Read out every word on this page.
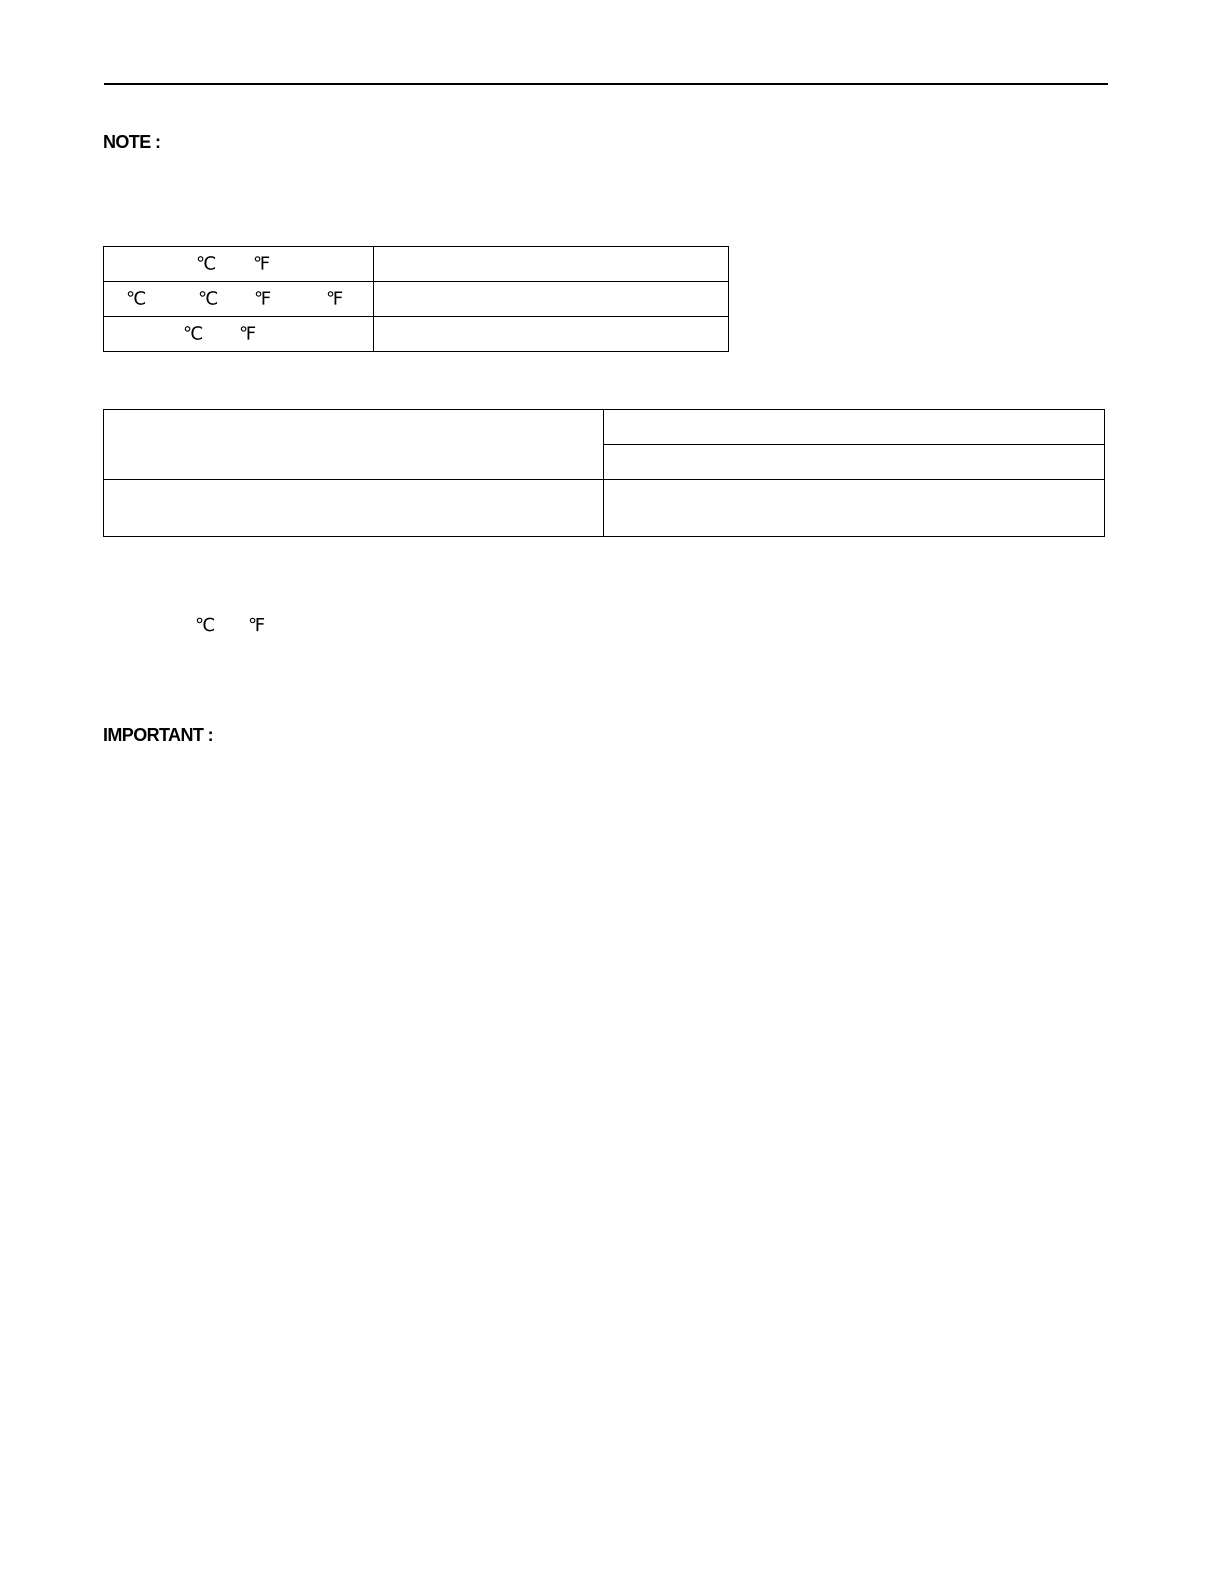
NOTE :
℃ ℉	

℃ ℃ ℉ ℉	

℃ ℉	

℃ ℉
IMPORTANT :
